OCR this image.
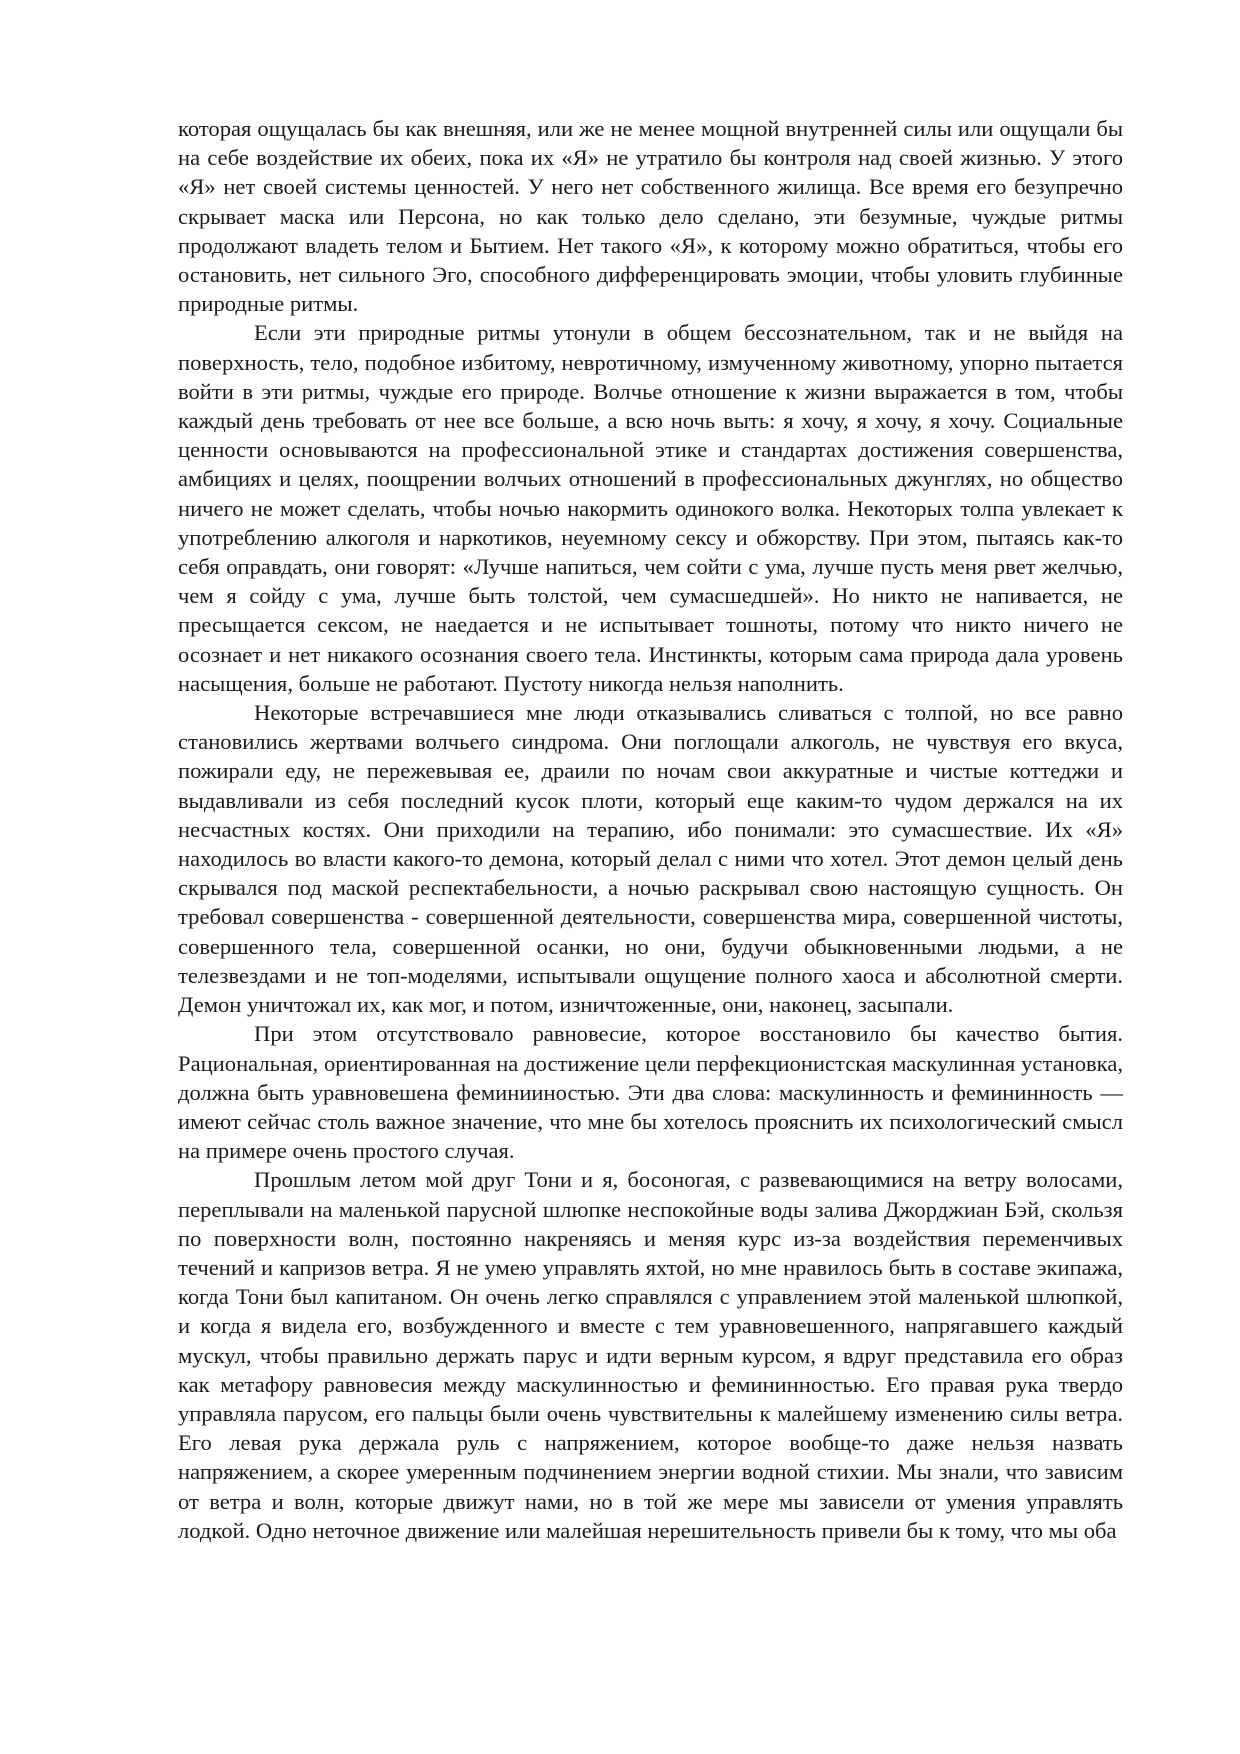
которая ощущалась бы как внешняя, или же не менее мощной внутренней силы или ощущали бы на себе воздействие их обеих, пока их «Я» не утратило бы контроля над своей жизнью. У этого «Я» нет своей системы ценностей. У него нет собственного жилища. Все время его безупречно скрывает маска или Персона, но как только дело сделано, эти безумные, чуждые ритмы продолжают владеть телом и Бытием. Нет такого «Я», к которому можно обратиться, чтобы его остановить, нет сильного Эго, способного дифференцировать эмоции, чтобы уловить глубинные природные ритмы.

Если эти природные ритмы утонули в общем бессознательном, так и не выйдя на поверхность, тело, подобное избитому, невротичному, измученному животному, упорно пытается войти в эти ритмы, чуждые его природе. Волчье отношение к жизни выражается в том, чтобы каждый день требовать от нее все больше, а всю ночь выть: я хочу, я хочу, я хочу. Социальные ценности основываются на профессиональной этике и стандартах достижения совершенства, амбициях и целях, поощрении волчьих отношений в профессиональных джунглях, но общество ничего не может сделать, чтобы ночью накормить одинокого волка. Некоторых толпа увлекает к употреблению алкоголя и наркотиков, неуемному сексу и обжорству. При этом, пытаясь как-то себя оправдать, они говорят: «Лучше напиться, чем сойти с ума, лучше пусть меня рвет желчью, чем я сойду с ума, лучше быть толстой, чем сумасшедшей». Но никто не напивается, не пресыщается сексом, не наедается и не испытывает тошноты, потому что никто ничего не осознает и нет никакого осознания своего тела. Инстинкты, которым сама природа дала уровень насыщения, больше не работают. Пустоту никогда нельзя наполнить.

Некоторые встречавшиеся мне люди отказывались сливаться с толпой, но все равно становились жертвами волчьего синдрома. Они поглощали алкоголь, не чувствуя его вкуса, пожирали еду, не пережевывая ее, драили по ночам свои аккуратные и чистые коттеджи и выдавливали из себя последний кусок плоти, который еще каким-то чудом держался на их несчастных костях. Они приходили на терапию, ибо понимали: это сумасшествие. Их «Я» находилось во власти какого-то демона, который делал с ними что хотел. Этот демон целый день скрывался под маской респектабельности, а ночью раскрывал свою настоящую сущность. Он требовал совершенства - совершенной деятельности, совершенства мира, совершенной чистоты, совершенного тела, совершенной осанки, но они, будучи обыкновенными людьми, а не телезвездами и не топ-моделями, испытывали ощущение полного хаоса и абсолютной смерти. Демон уничтожал их, как мог, и потом, изничтоженные, они, наконец, засыпали.

При этом отсутствовало равновесие, которое восстановило бы качество бытия. Рациональная, ориентированная на достижение цели перфекционистская маскулинная установка, должна быть уравновешена феминииностью. Эти два слова: маскулинность и фемининность — имеют сейчас столь важное значение, что мне бы хотелось прояснить их психологический смысл на примере очень простого случая.

Прошлым летом мой друг Тони и я, босоногая, с развевающимися на ветру волосами, переплывали на маленькой парусной шлюпке неспокойные воды залива Джорджиан Бэй, скользя по поверхности волн, постоянно накреняясь и меняя курс из-за воздействия переменчивых течений и капризов ветра. Я не умею управлять яхтой, но мне нравилось быть в составе экипажа, когда Тони был капитаном. Он очень легко справлялся с управлением этой маленькой шлюпкой, и когда я видела его, возбужденного и вместе с тем уравновешенного, напрягавшего каждый мускул, чтобы правильно держать парус и идти верным курсом, я вдруг представила его образ как метафору равновесия между маскулинностью и фемининностью. Его правая рука твердо управляла парусом, его пальцы были очень чувствительны к малейшему изменению силы ветра. Его левая рука держала руль с напряжением, которое вообще-то даже нельзя назвать напряжением, а скорее умеренным подчинением энергии водной стихии. Мы знали, что зависим от ветра и волн, которые движут нами, но в той же мере мы зависели от умения управлять лодкой. Одно неточное движение или малейшая нерешительность привели бы к тому, что мы оба
